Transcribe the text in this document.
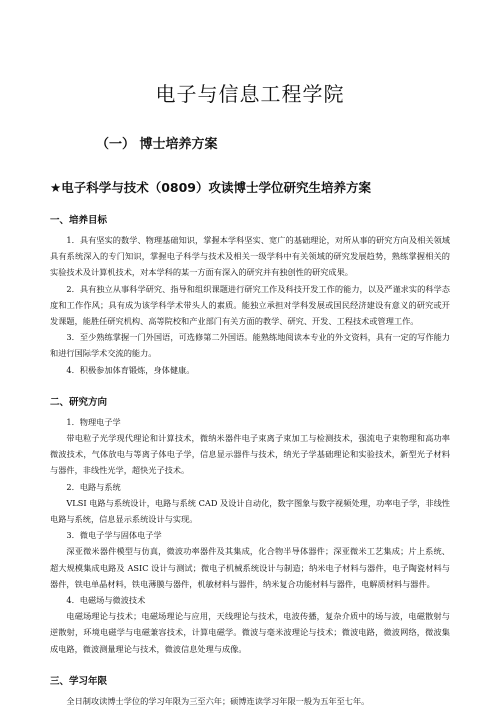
电子与信息工程学院
（一） 博士培养方案
★电子科学与技术（0809）攻读博士学位研究生培养方案
一、培养目标

1．具有坚实的数学、物理基础知识，掌握本学科坚实、宽广的基础理论，对所从事的研究方向及相关领域具有系统深入的专门知识，掌握电子科学与技术及相关一级学科中有关领域的研究发展趋势，熟练掌握相关的实验技术及计算机技术，对本学科的某一方面有深入的研究并有独创性的研究成果。

2．具有独立从事科学研究、指导和组织课题进行研究工作及科技开发工作的能力，以及严谨求实的科学态度和工作作风；具有成为该学科学术带头人的素质。能独立承担对学科发展或国民经济建设有意义的研究或开发课题，能胜任研究机构、高等院校和产业部门有关方面的教学、研究、开发、工程技术或管理工作。

3．至少熟练掌握一门外国语，可选修第二外国语。能熟练地阅读本专业的外文资料，具有一定的写作能力和进行国际学术交流的能力。

4．积极参加体育锻炼，身体健康。

二、研究方向

1．物理电子学

带电粒子光学现代理论和计算技术，微纳米器件电子束离子束加工与检测技术，强流电子束物理和高功率微波技术，气体放电与等离子体电子学，信息显示器件与技术，纳光子学基础理论和实验技术，新型光子材料与器件，非线性光学，超快光子技术。

2．电路与系统

VLSI 电路与系统设计，电路与系统 CAD 及设计自动化，数字图象与数字视频处理，功率电子学，非线性电路与系统，信息显示系统设计与实现。

3．微电子学与固体电子学

深亚微米器件模型与仿真，微波功率器件及其集成，化合物半导体器件；深亚微米工艺集成；片上系统、超大规模集成电路及 ASIC 设计与测试；微电子机械系统设计与制造；纳米电子材料与器件，电子陶瓷材料与器件，铁电单晶材料，铁电薄膜与器件，机敏材料与器件，纳米复合功能材料与器件，电解质材料与器件。

4．电磁场与微波技术

电磁场理论与技术；电磁场理论与应用，天线理论与技术，电波传播，复杂介质中的场与波，电磁散射与逆散射，环境电磁学与电磁兼容技术，计算电磁学。微波与毫米波理论与技术；微波电路，微波网络，微波集成电路，微波测量理论与技术，微波信息处理与成像。

三、学习年限

全日制攻读博士学位的学习年限为三至六年；硕博连读学习年限一般为五年至七年。
